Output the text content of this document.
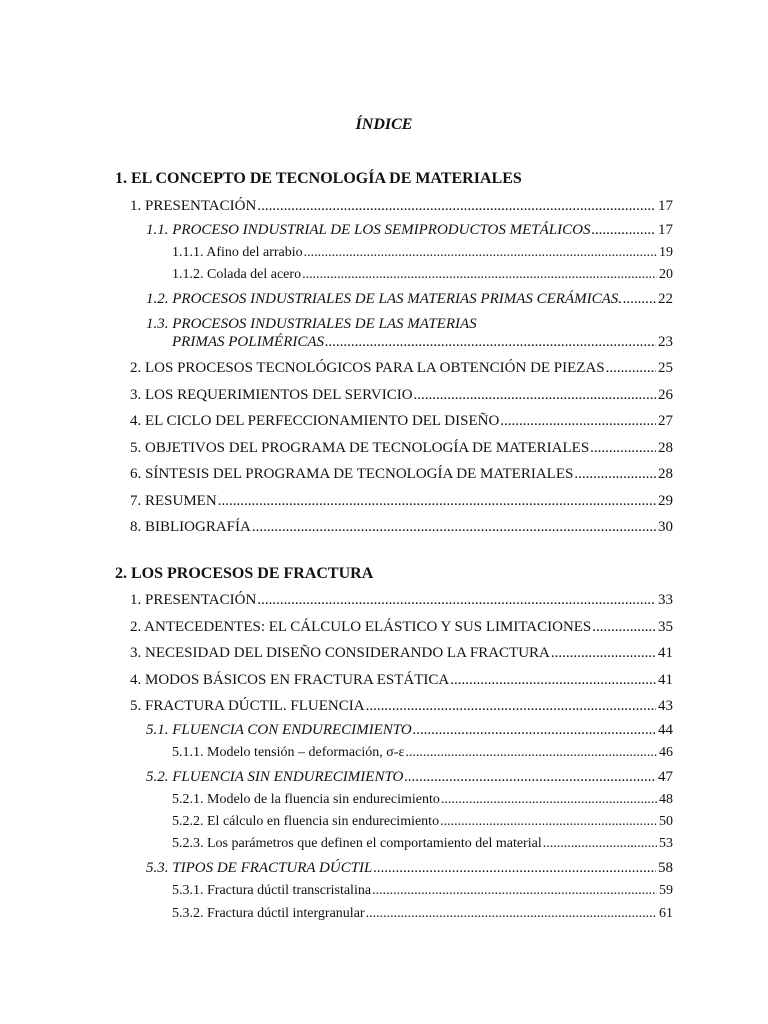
ÍNDICE
1. EL CONCEPTO DE TECNOLOGÍA DE MATERIALES
1. PRESENTACIÓN .....	17
1.1. PROCESO INDUSTRIAL DE LOS SEMIPRODUCTOS METÁLICOS .....	17
1.1.1. Afino del arrabio .....	19
1.1.2. Colada del acero .....	20
1.2. PROCESOS INDUSTRIALES DE LAS MATERIAS PRIMAS CERÁMICAS. ..... 22
1.3. PROCESOS INDUSTRIALES DE LAS MATERIAS
PRIMAS POLIMÉRICAS .....	23
2. LOS PROCESOS TECNOLÓGICOS PARA LA OBTENCIÓN DE PIEZAS .....	25
3. LOS REQUERIMIENTOS DEL SERVICIO .....	26
4. EL CICLO DEL PERFECCIONAMIENTO DEL DISEÑO .....	27
5. OBJETIVOS DEL PROGRAMA DE TECNOLOGÍA DE MATERIALES .....	28
6. SÍNTESIS DEL PROGRAMA DE TECNOLOGÍA DE MATERIALES .....	28
7. RESUMEN .....	29
8. BIBLIOGRAFÍA .....	30
2. LOS PROCESOS DE FRACTURA
1. PRESENTACIÓN .....	33
2. ANTECEDENTES: EL CÁLCULO ELÁSTICO Y SUS LIMITACIONES .....	35
3. NECESIDAD DEL DISEÑO CONSIDERANDO LA FRACTURA .....	41
4. MODOS BÁSICOS EN FRACTURA ESTÁTICA .....	41
5. FRACTURA DÚCTIL. FLUENCIA .....	43
5.1. FLUENCIA CON ENDURECIMIENTO .....	44
5.1.1. Modelo tensión – deformación, σ-ε .....	46
5.2. FLUENCIA SIN ENDURECIMIENTO .....	47
5.2.1. Modelo de la fluencia sin endurecimiento .....	48
5.2.2. El cálculo en fluencia sin endurecimiento .....	50
5.2.3. Los parámetros que definen el comportamiento del material .....	53
5.3. TIPOS DE FRACTURA DÚCTIL .....	58
5.3.1. Fractura dúctil transcristalina .....	59
5.3.2. Fractura dúctil intergranular .....	61
